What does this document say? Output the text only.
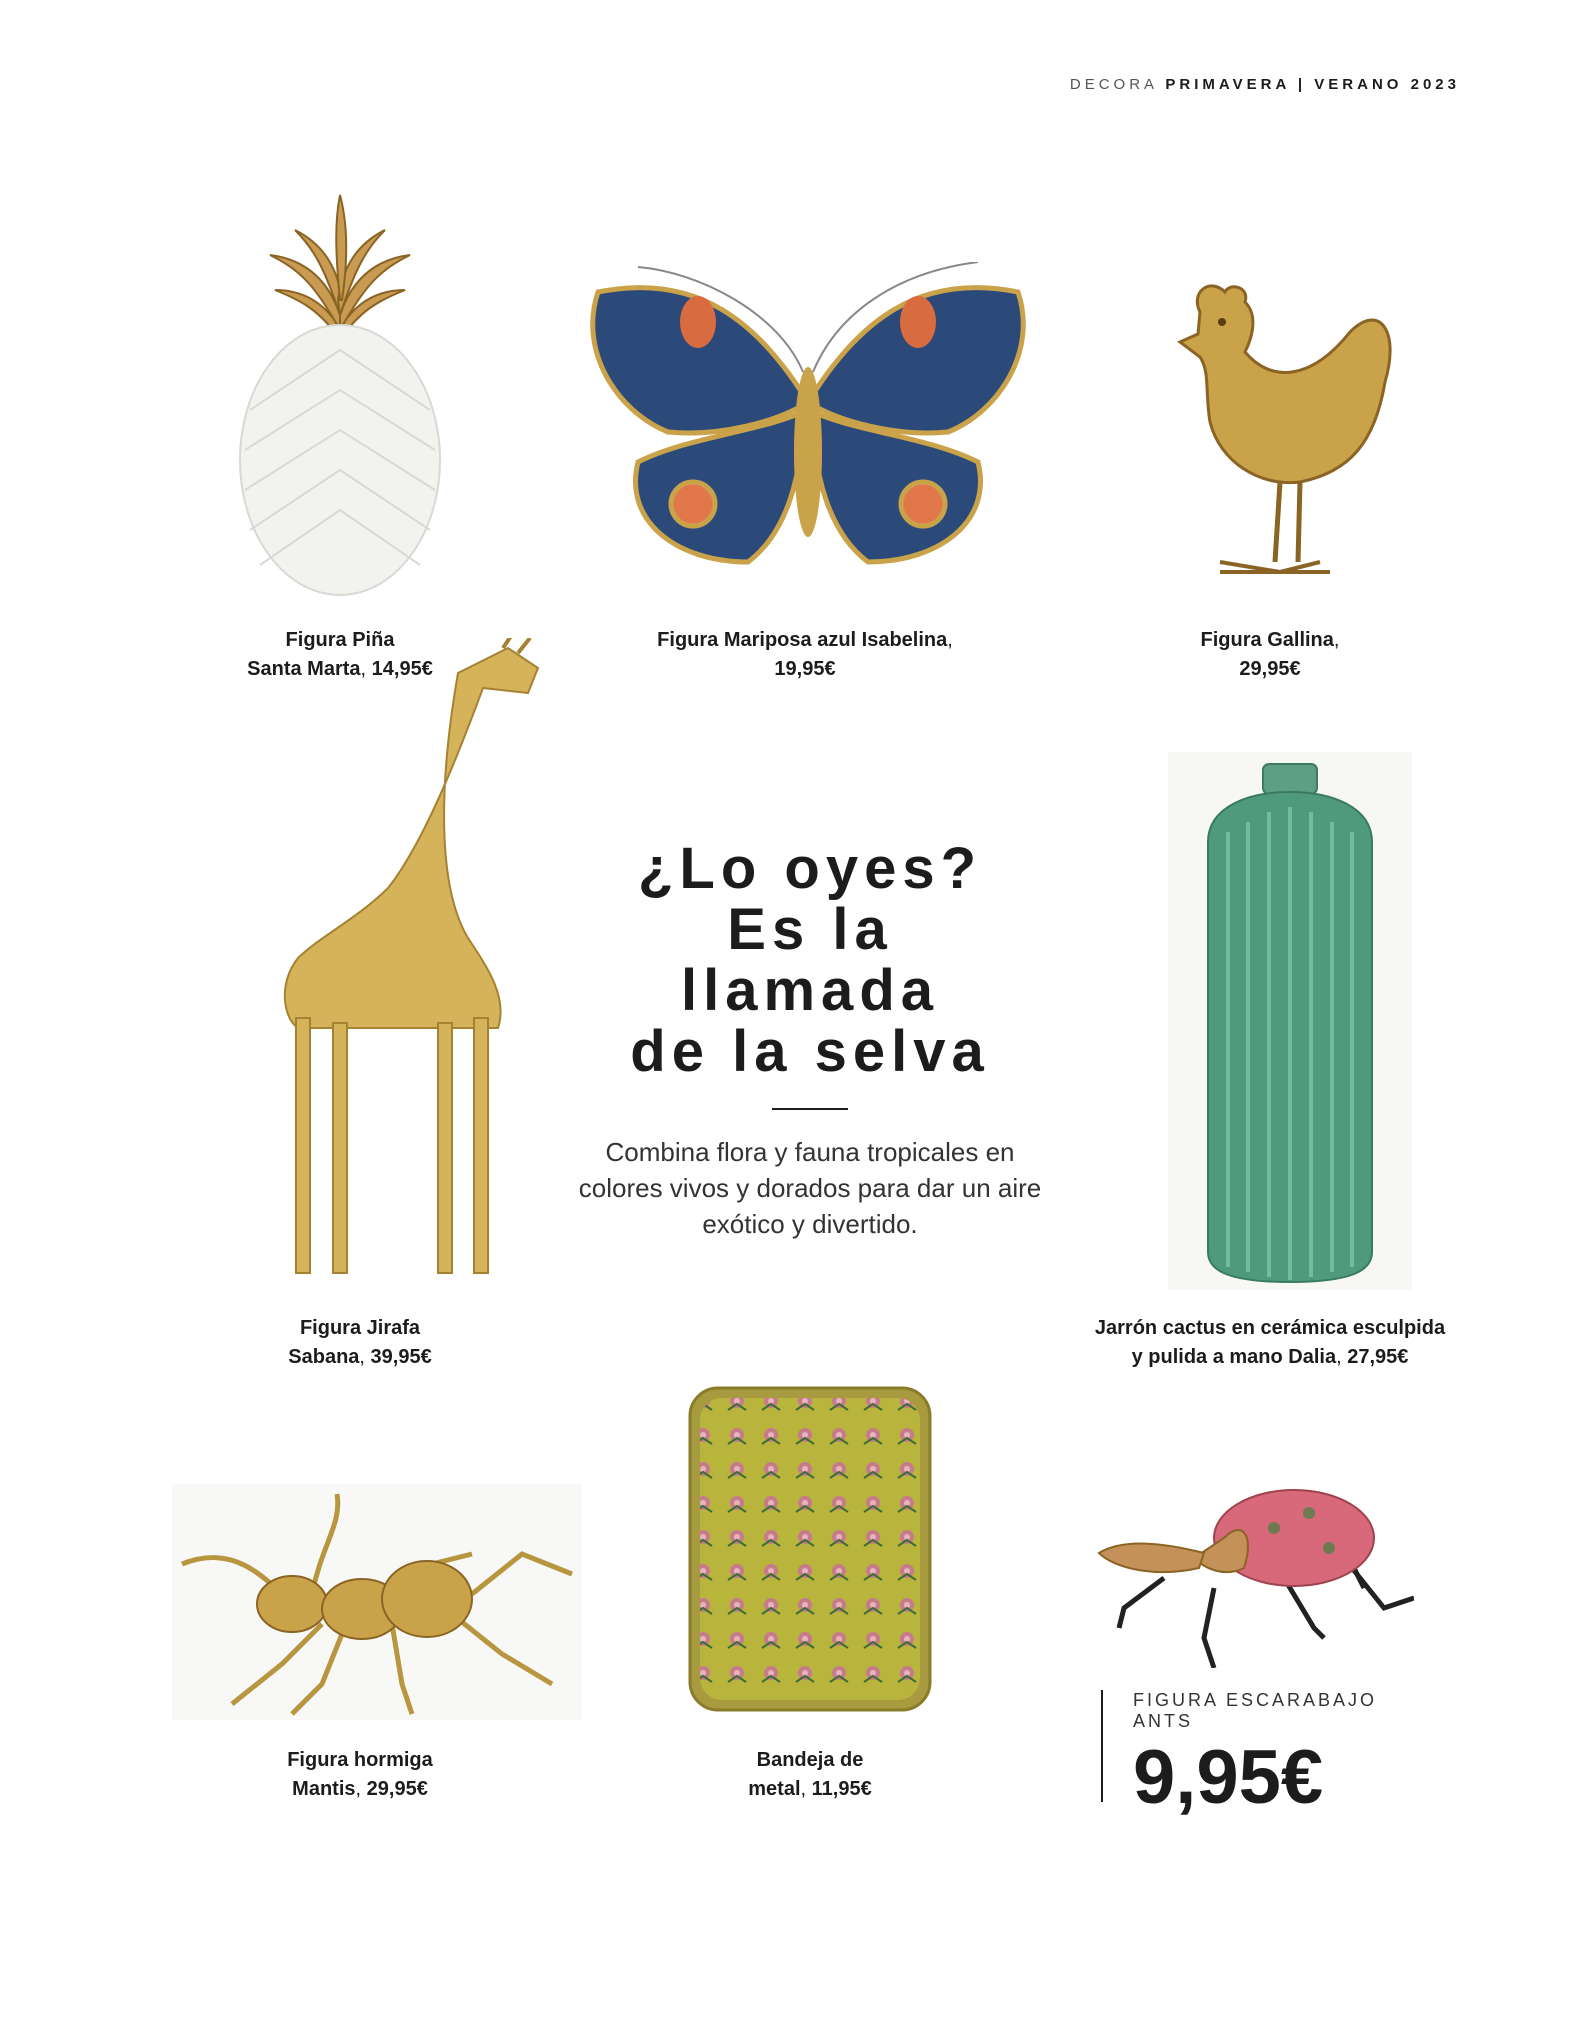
DECORA PRIMAVERA | VERANO 2023
Figura Piña
Santa Marta, 14,95€
Figura Mariposa azul Isabelina,
19,95€
Figura Gallina,
29,95€
Figura Jirafa
Sabana, 39,95€
¿Lo oyes?
Es la
llamada
de la selva

Combina flora y fauna tropicales en colores vivos y dorados para dar un aire exótico y divertido.

Jarrón cactus en cerámica esculpida
y pulida a mano Dalia, 27,95€
Figura hormiga
Mantis, 29,95€
Bandeja de
metal, 11,95€
FIGURA ESCARABAJO
ANTS
9,95€
